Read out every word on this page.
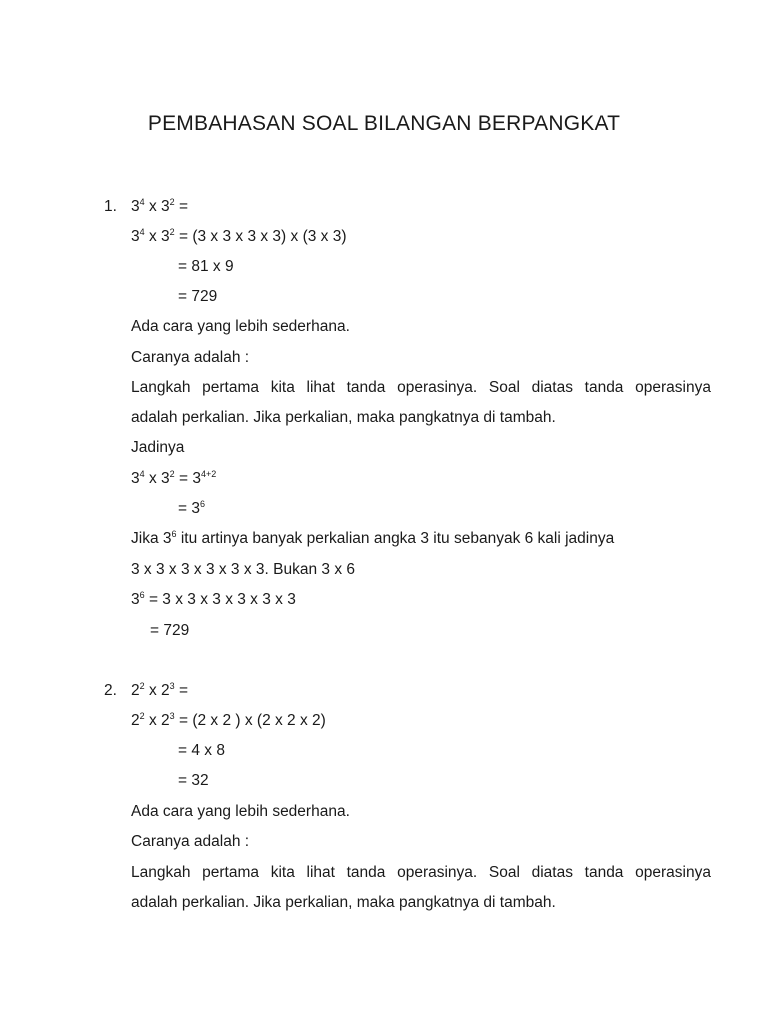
PEMBAHASAN SOAL BILANGAN BERPANGKAT
1. $3^4$ x $3^2$ =
$3^4$ x $3^2 = (3$ x 3 x 3 x 3) x (3 x 3)
= 81 x 9
= 729
Ada cara yang lebih sederhana.
Caranya adalah :
Langkah pertama kita lihat tanda operasinya. Soal diatas tanda operasinya
adalah perkalian. Jika perkalian, maka pangkatnya di tambah.
Jadinya
$3^4$ x $3^2 = 3^{4+2}$
= $3^6$
Jika $3^6$ itu artinya banyak perkalian angka 3 itu sebanyak 6 kali jadinya
3 x 3 x 3 x 3 x 3 x 3. Bukan 3 x 6
$3^6 = 3$ x 3 x 3 x 3 x 3 x 3
= 729
2. $2^2$ x $2^3$ =
$2^2$ x $2^3 = (2$ x 2 ) x (2 x 2 x 2)
= 4 x 8
= 32
Ada cara yang lebih sederhana.
Caranya adalah :
Langkah pertama kita lihat tanda operasinya. Soal diatas tanda operasinya
adalah perkalian. Jika perkalian, maka pangkatnya di tambah.
